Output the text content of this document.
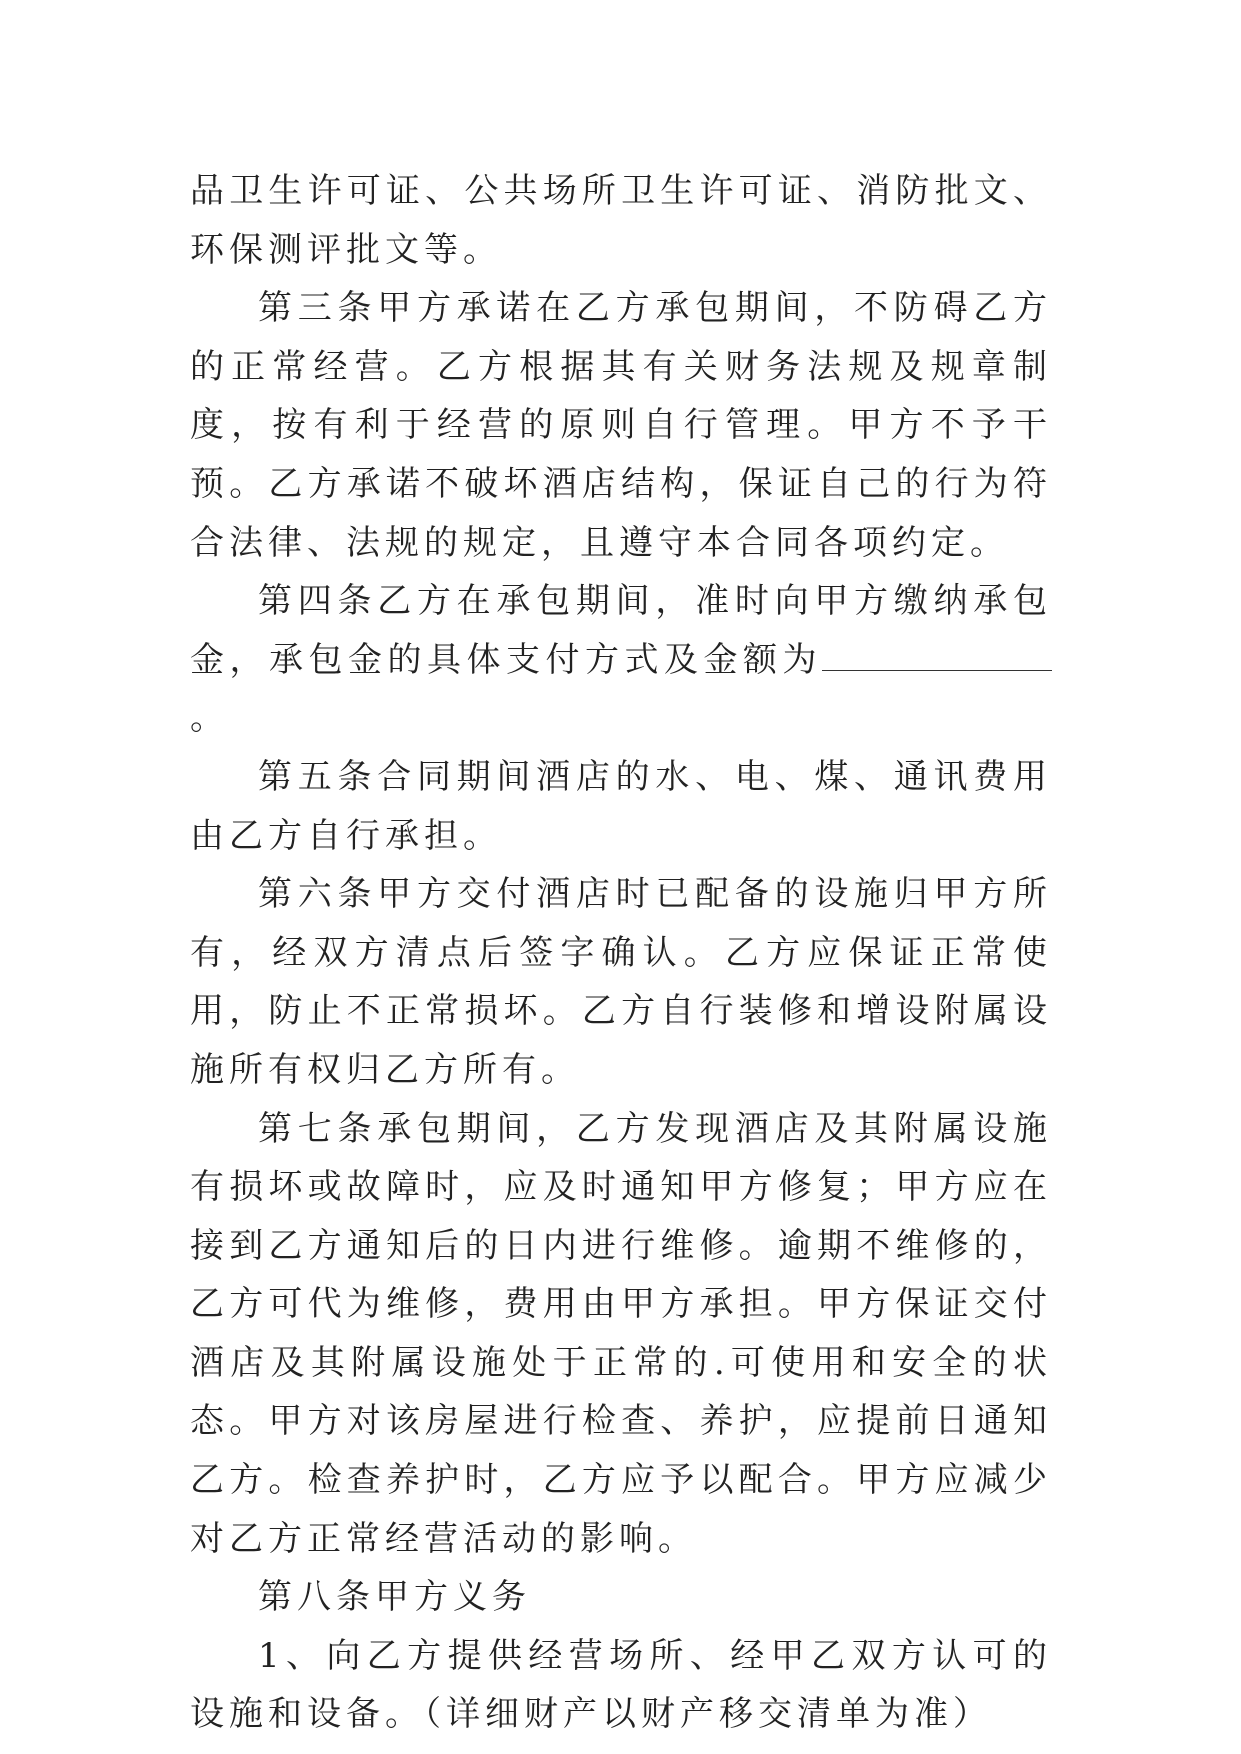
品卫生许可证、公共场所卫生许可证、消防批文、环保测评批文等。

第三条甲方承诺在乙方承包期间，不防碍乙方的正常经营。乙方根据其有关财务法规及规章制度，按有利于经营的原则自行管理。甲方不予干预。乙方承诺不破坏酒店结构，保证自己的行为符合法律、法规的规定，且遵守本合同各项约定。

第四条乙方在承包期间，准时向甲方缴纳承包金，承包金的具体支付方式及金额为。

第五条合同期间酒店的水、电、煤、通讯费用由乙方自行承担。

第六条甲方交付酒店时已配备的设施归甲方所有，经双方清点后签字确认。乙方应保证正常使用，防止不正常损坏。乙方自行装修和增设附属设施所有权归乙方所有。

第七条承包期间，乙方发现酒店及其附属设施有损坏或故障时，应及时通知甲方修复；甲方应在接到乙方通知后的日内进行维修。逾期不维修的，乙方可代为维修，费用由甲方承担。甲方保证交付酒店及其附属设施处于正常的.可使用和安全的状态。甲方对该房屋进行检查、养护，应提前日通知乙方。检查养护时，乙方应予以配合。甲方应减少对乙方正常经营活动的影响。

第八条甲方义务

1、向乙方提供经营场所、经甲乙双方认可的设施和设备。（详细财产以财产移交清单为准）
